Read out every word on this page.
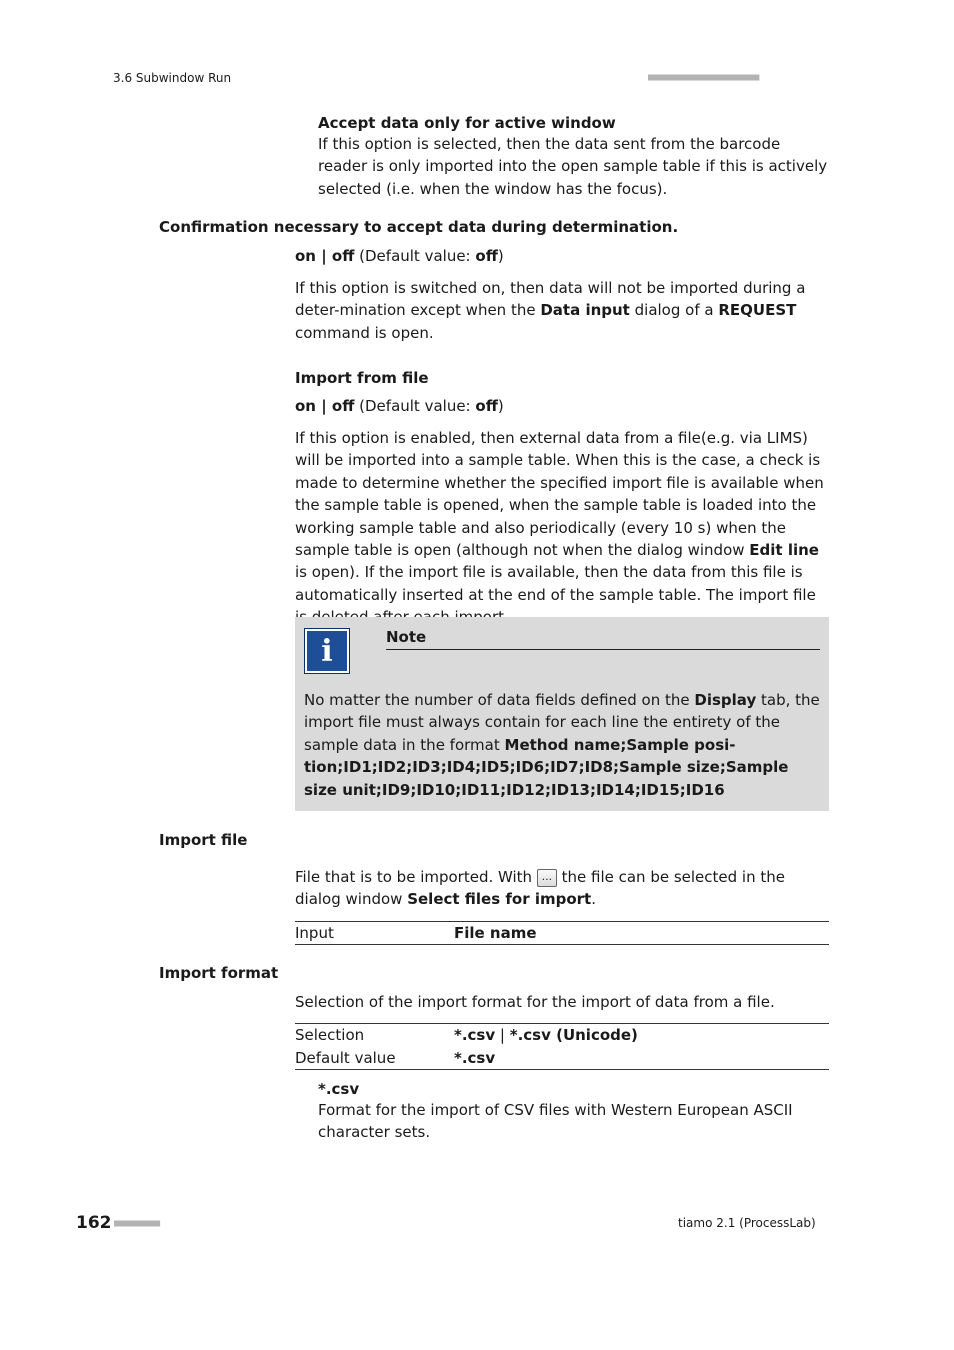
3.6 Subwindow Run	■■■■■■■■■■■■■■■■■■■■■■

Accept data only for active window

If this option is selected, then the data sent from the barcode reader is only imported into the open sample table if this is actively selected (i.e. when the window has the focus).

Confirmation necessary to accept data during determination.

on | off (Default value: off)

If this option is switched on, then data will not be imported during a deter-mination except when the Data input dialog of a REQUEST command is open.

Import from file

on | off (Default value: off)

If this option is enabled, then external data from a file(e.g. via LIMS) will be imported into a sample table. When this is the case, a check is made to determine whether the specified import file is available when the sample table is opened, when the sample table is loaded into the working sample table and also periodically (every 10 s) when the sample table is open (although not when the dialog window Edit line is open). If the import file is available, then the data from this file is automatically inserted at the end of the sample table. The import file

i	Note

No matter the number of data fields defined on the Display tab, the import file must always contain for each line the entirety of the sample data in the format Method name;Sample posi-tion;ID1;ID2;ID3;ID4;ID5;ID6;ID7;ID8;Sample size;Sample size unit;ID9;ID10;ID11;ID12;ID13;ID14;ID15;ID16

Import file

File that is to be imported. With ... the file can be selected in the dialog window Select files for import.

Input	File name

Import format

Selection of the import format for the import of data from a file.

Selection	*.csv | *.csv (Unicode)
Default value	*.csv

*.csv

Format for the import of CSV files with Western European ASCII character sets.

162 ■■■■■■■■■	tiamo 2.1 (ProcessLab)
